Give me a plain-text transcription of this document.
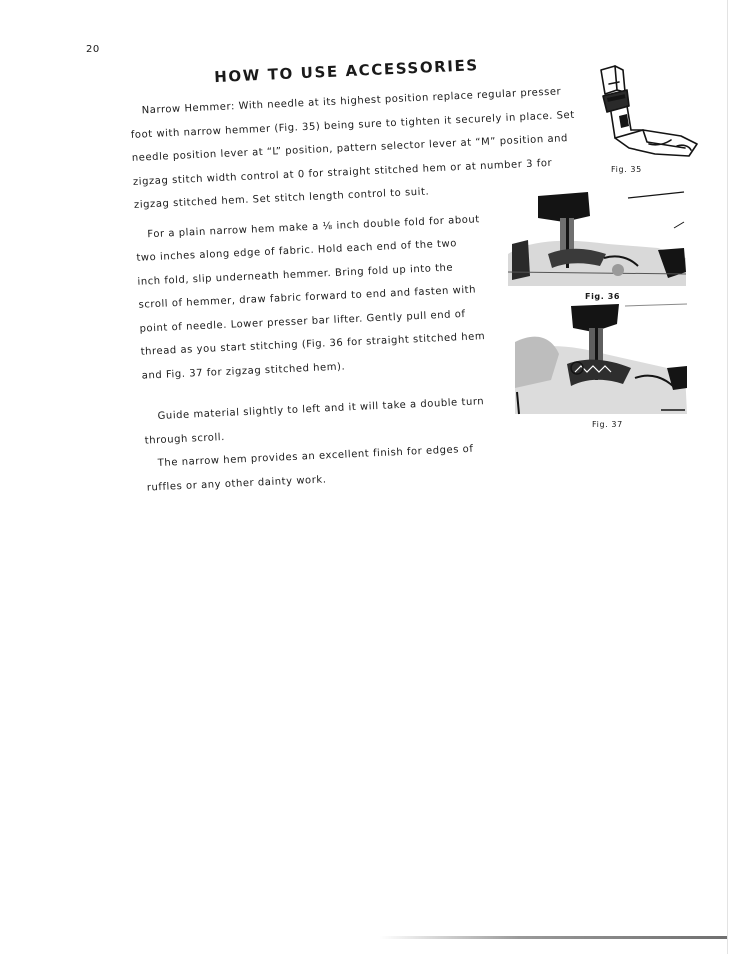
20
HOW TO USE ACCESSORIES

Narrow Hemmer: With needle at its highest position replace regular presser foot with narrow hemmer (Fig. 35) being sure to tighten it securely in place. Set needle position lever at “L” position, pattern selector lever at “M” position and zigzag stitch width control at 0 for straight stitched hem or at number 3 for zigzag stitched hem. Set stitch length control to suit.

For a plain narrow hem make a ⅛ inch double fold for about two inches along edge of fabric. Hold each end of the two inch fold, slip underneath hemmer. Bring fold up into the scroll of hemmer, draw fabric forward to end and fasten with point of needle. Lower presser bar lifter. Gently pull end of thread as you start stitching (Fig. 36 for straight stitched hem and Fig. 37 for zigzag stitched hem).

Guide material slightly to left and it will take a double turn through scroll.

The narrow hem provides an excellent finish for edges of ruffles or any other dainty work.

Fig. 35
Fig. 36
Fig. 37
